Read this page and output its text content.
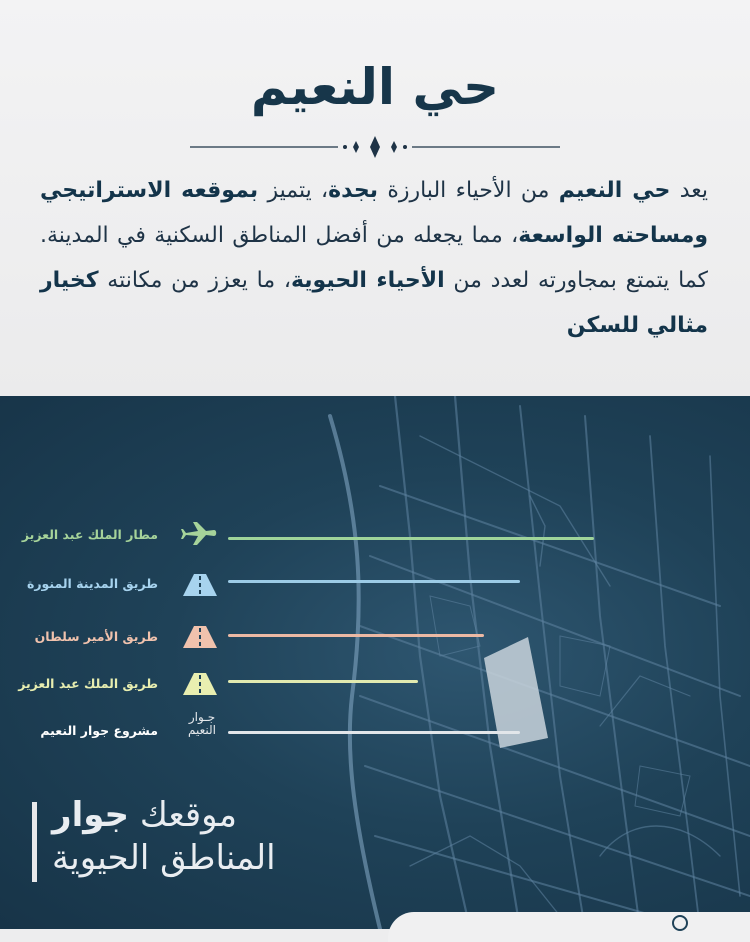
حي النعيم
يعد حي النعيم من الأحياء البارزة بجدة، يتميز بموقعه الاستراتيجي ومساحته الواسعة، مما يجعله من أفضل المناطق السكنية في المدينة. كما يتمتع بمجاورته لعدد من الأحياء الحيوية، ما يعزز من مكانته كخيار مثالي للسكن
مطار الملك عبد العزيز
طريق المدينة المنورة
طريق الأمير سلطان
طريق الملك عبد العزيز
مشروع جوار النعيم
جـوار
النعيم
موقعك جوار
المناطق الحيوية
